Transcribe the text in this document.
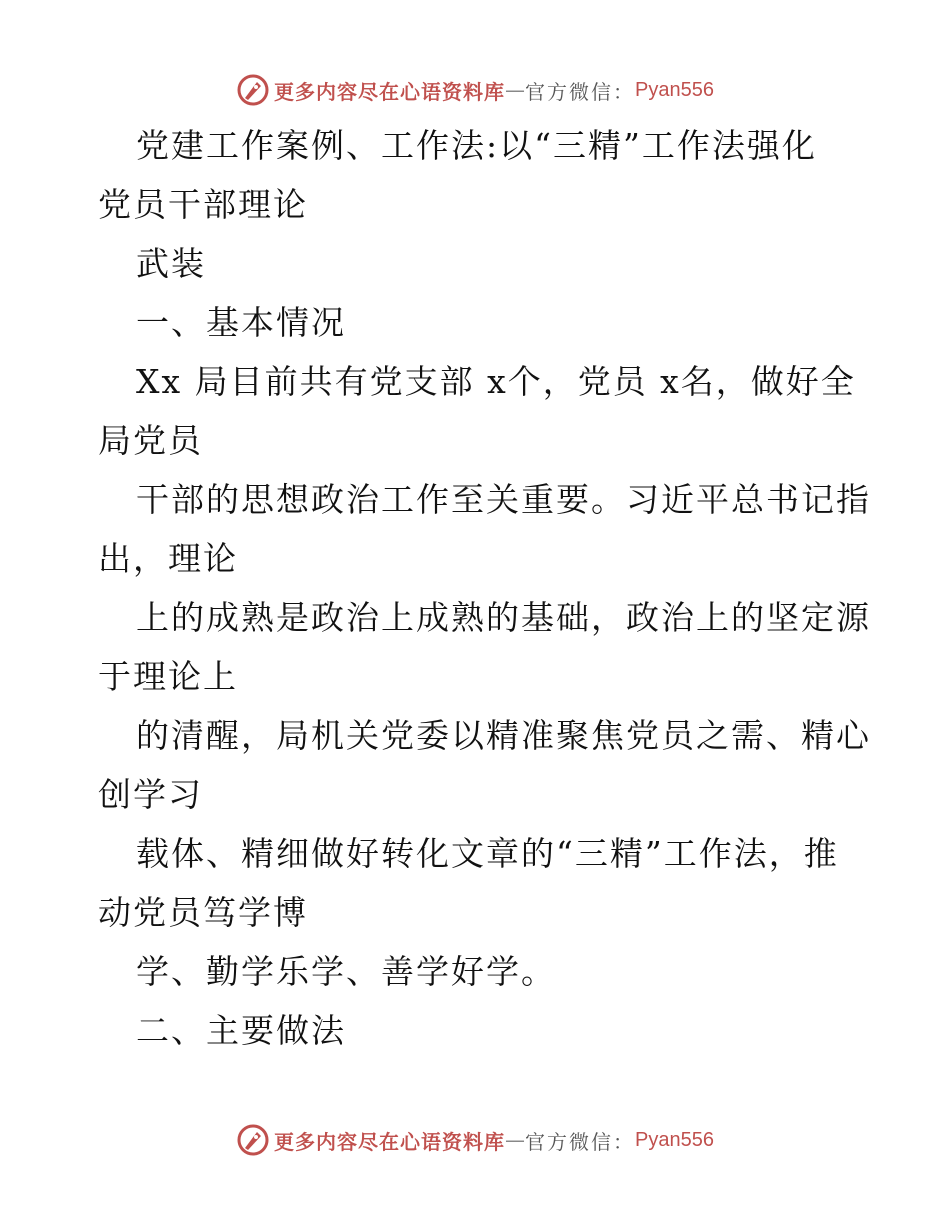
更多内容尽在心语资料库 — 官方微信： Pyan556
党建工作案例、工作法:以“三精”工作法强化
党员干部理论
武装
一、基本情况
Xx 局目前共有党支部 x个，党员 x名，做好全
局党员
干部的思想政治工作至关重要。习近平总书记指
出，理论
上的成熟是政治上成熟的基础，政治上的坚定源
于理论上
的清醒，局机关党委以精准聚焦党员之需、精心
创学习
载体、精细做好转化文章的“三精”工作法，推
动党员笃学博
学、勤学乐学、善学好学。
二、主要做法
更多内容尽在心语资料库 — 官方微信： Pyan556
